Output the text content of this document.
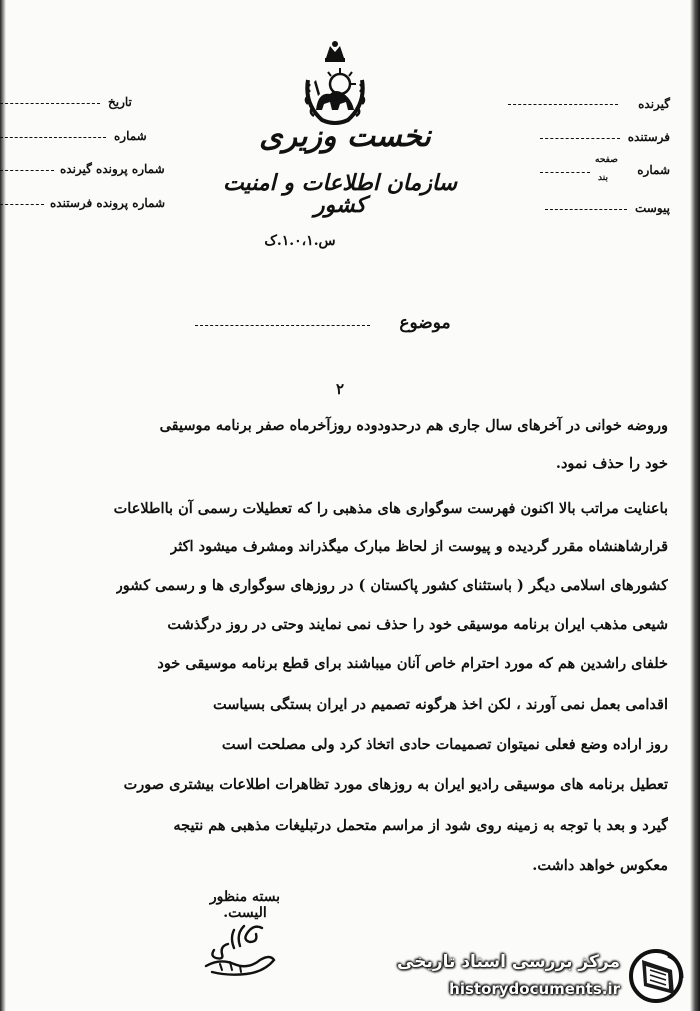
نخست وزیری
سازمان اطلاعات و امنیت کشور
س.۱.۰،۱.ک
گیرنده
فرستنده
شماره
صفحه
بند
پیوست
تاریخ
شماره
شماره پرونده گیرنده
شماره پرونده فرستنده
موضوع
۲
وروضه خوانی در آخرهای سال جاری هم درحدودوده روزآخرماه صفر برنامه موسیقی
خود را حذف نمود.
باعنایت مراتب بالا اکنون فهرست سوگواری های مذهبی را که تعطیلات رسمی آن بااطلاعات
قرارشاهنشاه مقرر گردیده و پیوست از لحاظ مبارک میگذراند ومشرف میشود اکثر
کشورهای اسلامی دیگر ( باستثنای کشور پاکستان ) در روزهای سوگواری ها و رسمی کشور
شیعی مذهب ایران برنامه موسیقی خود را حذف نمی نمایند وحتی در روز درگذشت
خلفای راشدین هم که مورد احترام خاص آنان میباشند برای قطع برنامه موسیقی خود
اقدامی بعمل نمی آورند ، لکن اخذ هرگونه تصمیم در ایران بستگی بسیاست
روز اراده وضع فعلی نمیتوان تصمیمات حادی اتخاذ کرد ولی مصلحت است
تعطیل برنامه های موسیقی رادیو ایران به روزهای مورد تظاهرات اطلاعات بیشتری صورت
گیرد و بعد با توجه به زمینه روی شود از مراسم متحمل درتبلیغات مذهبی هم نتیجه
معکوس خواهد داشت.
بسته منظور الیست.
مرکز بررسی اسناد تاریخی
historydocuments.ir
